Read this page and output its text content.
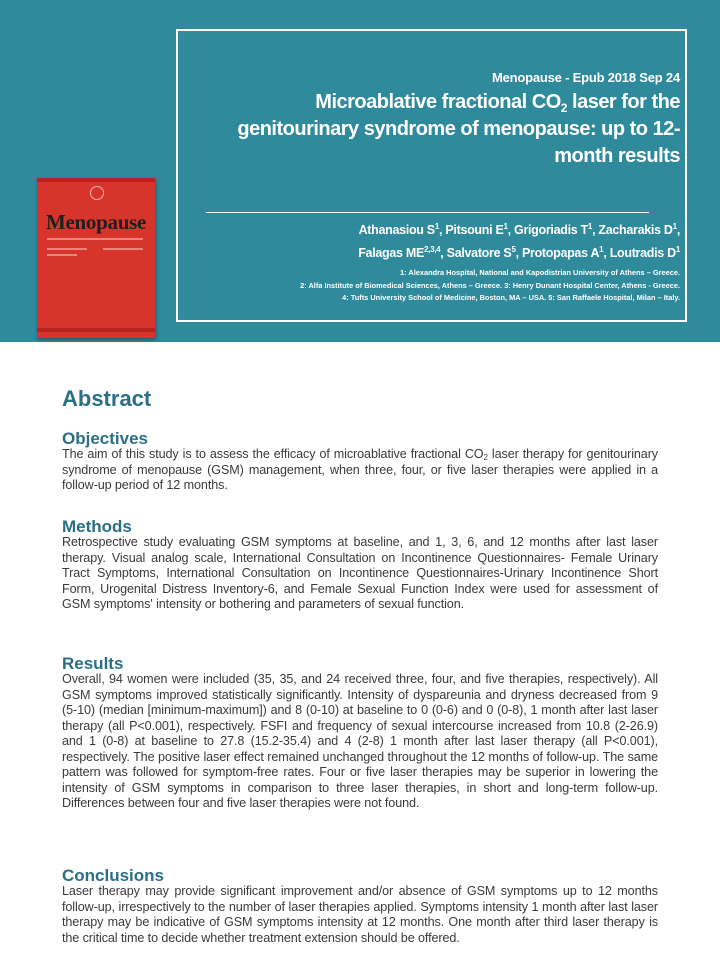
Menopause
Menopause - Epub 2018 Sep 24
Microablative fractional $CO_2$ laser for the genitourinary syndrome of menopause: up to 12-month results
Athanasiou $S^1$, Pitsouni $E^1$, Grigoriadis $T^1$, Zacharakis $D^1$,
Falagas ME$^{2,3,4}$, Salvatore $S^5$, Protopapas $A^1$, Loutradis $D^1$
1: Alexandra Hospital, National and Kapodistrian University of Athens – Greece.
2: Alfa Institute of Biomedical Sciences, Athens – Greece. 3: Henry Dunant Hospital Center, Athens - Greece.
4: Tufts University School of Medicine, Boston, MA – USA. 5: San Raffaele Hospital, Milan – Italy.
Abstract
Objectives

The aim of this study is to assess the efficacy of microablative fractional $CO_2$ laser therapy for genitourinary syndrome of menopause (GSM) management, when three, four, or five laser therapies were applied in a follow-up period of 12 months.

Methods

Retrospective study evaluating GSM symptoms at baseline, and 1, 3, 6, and 12 months after last laser therapy. Visual analog scale, International Consultation on Incontinence Questionnaires- Female Urinary Tract Symptoms, International Consultation on Incontinence Questionnaires-Urinary Incontinence Short Form, Urogenital Distress Inventory-6, and Female Sexual Function Index were used for assessment of GSM symptoms' intensity or bothering and parameters of sexual function.

Results

Overall, 94 women were included (35, 35, and 24 received three, four, and five therapies, respectively). All GSM symptoms improved statistically significantly. Intensity of dyspareunia and dryness decreased from 9 (5-10) (median [minimum-maximum]) and 8 (0-10) at baseline to 0 (0-6) and 0 (0-8), 1 month after last laser therapy (all P<0.001), respectively. FSFI and frequency of sexual intercourse increased from 10.8 (2-26.9) and 1 (0-8) at baseline to 27.8 (15.2-35.4) and 4 (2-8) 1 month after last laser therapy (all P<0.001), respectively. The positive laser effect remained unchanged throughout the 12 months of follow-up. The same pattern was followed for symptom-free rates. Four or five laser therapies may be superior in lowering the intensity of GSM symptoms in comparison to three laser therapies, in short and long-term follow-up. Differences between four and five laser therapies were not found.

Conclusions

Laser therapy may provide significant improvement and/or absence of GSM symptoms up to 12 months follow-up, irrespectively to the number of laser therapies applied. Symptoms intensity 1 month after last laser therapy may be indicative of GSM symptoms intensity at 12 months. One month after third laser therapy is the critical time to decide whether treatment extension should be offered.
